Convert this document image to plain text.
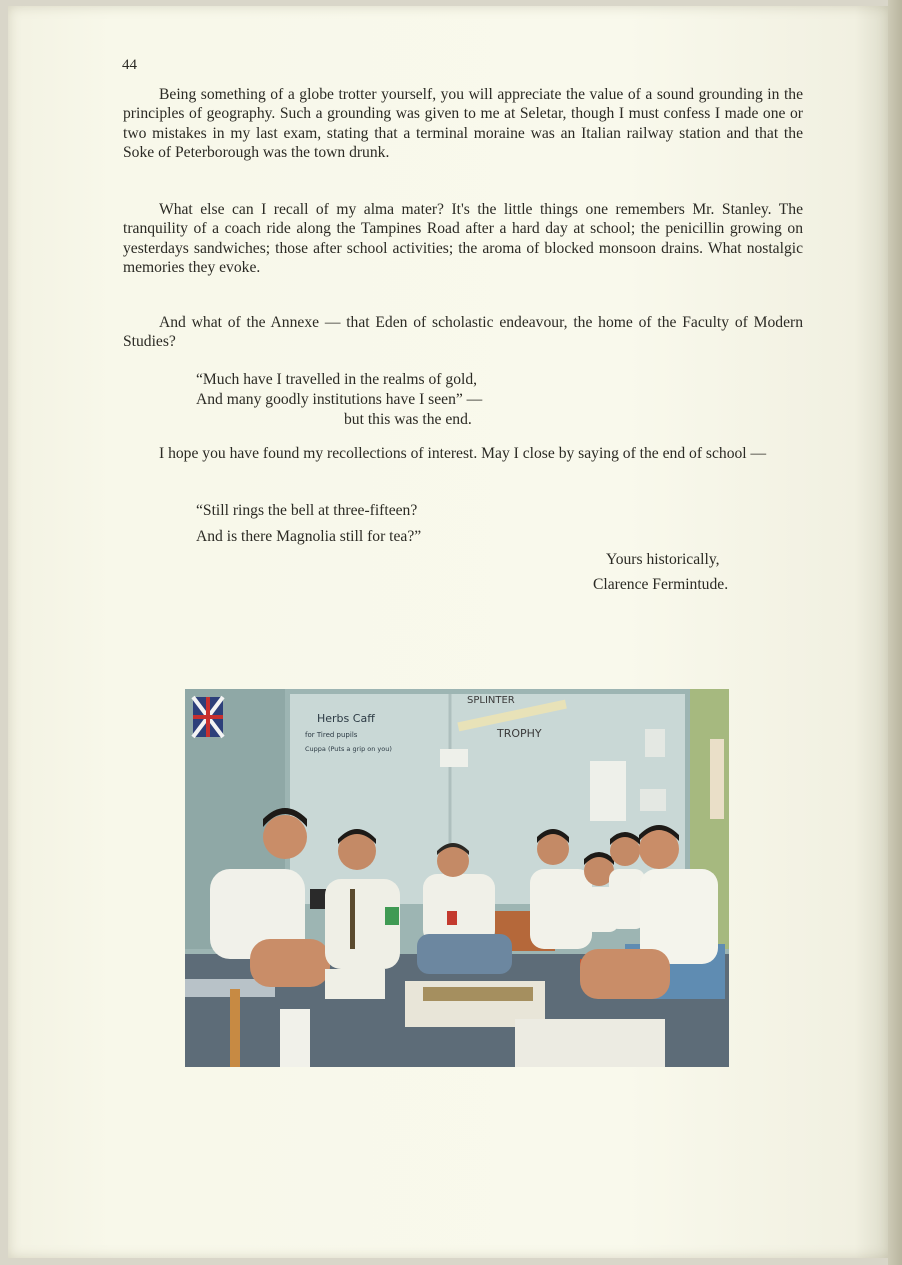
44

Being something of a globe trotter yourself, you will appreciate the value of a sound grounding in the principles of geography. Such a grounding was given to me at Seletar, though I must confess I made one or two mistakes in my last exam, stating that a terminal moraine was an Italian railway station and that the Soke of Peterborough was the town drunk.

What else can I recall of my alma mater? It's the little things one remembers Mr. Stanley. The tranquility of a coach ride along the Tampines Road after a hard day at school; the penicillin growing on yesterdays sandwiches; those after school activities; the aroma of blocked monsoon drains. What nostalgic memories they evoke.

And what of the Annexe — that Eden of scholastic endeavour, the home of the Faculty of Modern Studies?

“Much have I travelled in the realms of gold,
And many goodly institutions have I seen” —
but this was the end.

I hope you have found my recollections of interest. May I close by saying of the end of school —

“Still rings the bell at three-fifteen?
And is there Magnolia still for tea?”

Yours historically,
Clarence Fermintude.

Herbs Caff
for Tired pupils
Cuppa (Puts a grip on you)
SPLINTER
TROPHY
